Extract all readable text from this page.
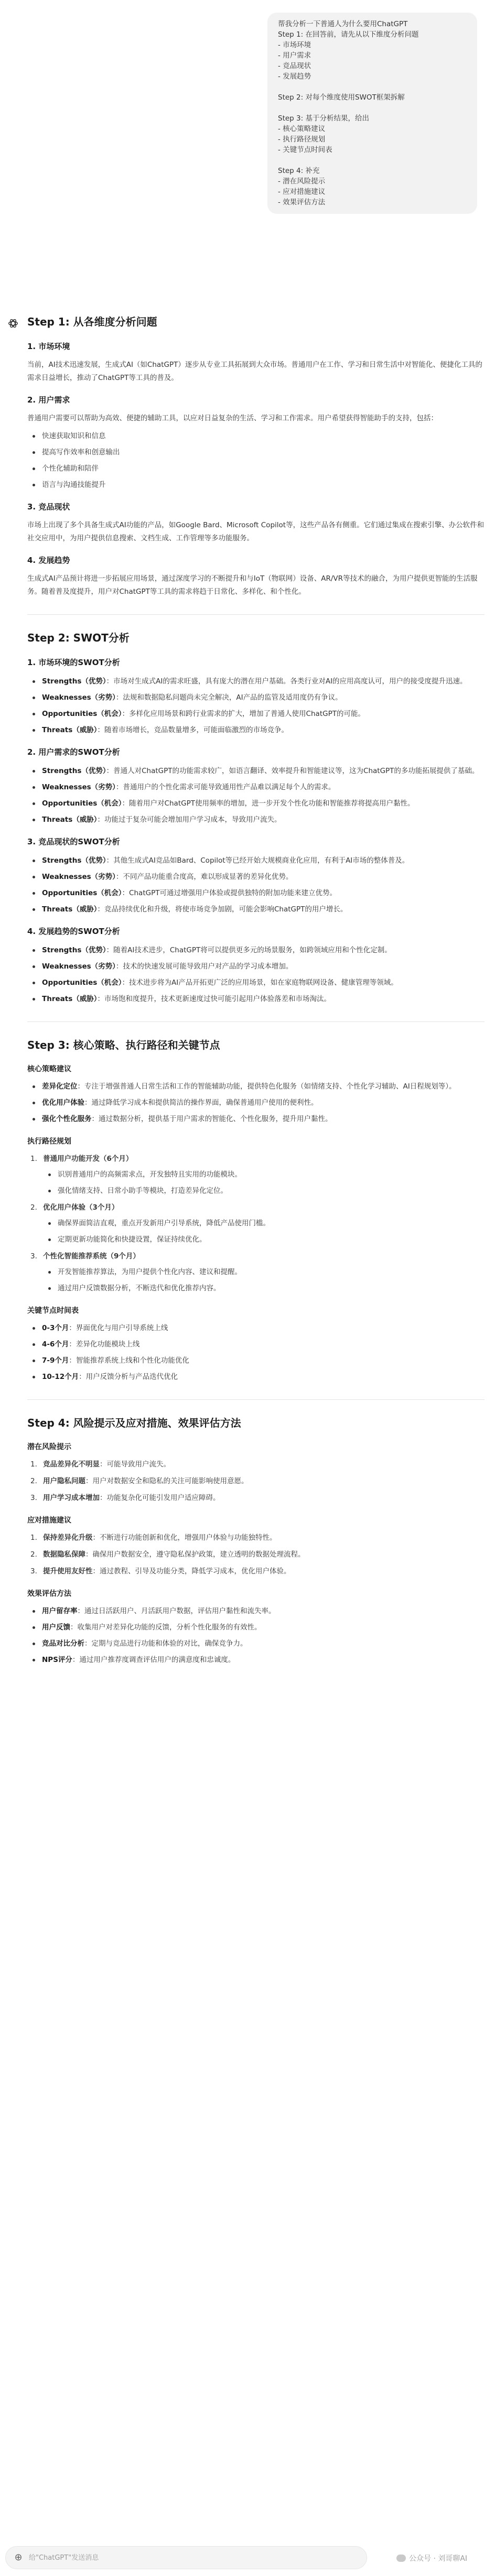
帮我分析一下普通人为什么要用ChatGPT
Step 1: 在回答前，请先从以下维度分析问题
- 市场环境
- 用户需求
- 竞品现状
- 发展趋势
Step 2: 对每个维度使用SWOT框架拆解
Step 3: 基于分析结果，给出
- 核心策略建议
- 执行路径规划
- 关键节点时间表
Step 4: 补充
- 潜在风险提示
- 应对措施建议
- 效果评估方法
Step 1: 从各维度分析问题
1. 市场环境

当前，AI技术迅速发展，生成式AI（如ChatGPT）逐步从专业工具拓展到大众市场。普通用户在工作、学习和日常生活中对智能化、便捷化工具的需求日益增长，推动了ChatGPT等工具的普及。

2. 用户需求

普通用户需要可以帮助为高效、便捷的辅助工具，以应对日益复杂的生活、学习和工作需求。用户希望获得智能助手的支持，包括：

快速获取知识和信息
提高写作效率和创意输出
个性化辅助和陪伴
语言与沟通技能提升
3. 竞品现状

市场上出现了多个具备生成式AI功能的产品，如Google Bard、Microsoft Copilot等，这些产品各有侧重。它们通过集成在搜索引擎、办公软件和社交应用中，为用户提供信息搜索、文档生成、工作管理等多功能服务。

4. 发展趋势

生成式AI产品预计将进一步拓展应用场景，通过深度学习的不断提升和与IoT（物联网）设备、AR/VR等技术的融合，为用户提供更智能的生活服务。随着普及度提升，用户对ChatGPT等工具的需求将趋于日常化、多样化、和个性化。

Step 2: SWOT分析
1. 市场环境的SWOT分析
Strengths（优势）：市场对生成式AI的需求旺盛，具有庞大的潜在用户基础。各类行业对AI的应用高度认可，用户的接受度提升迅速。
Weaknesses（劣势）：法规和数据隐私问题尚未完全解决，AI产品的监管及适用度仍有争议。
Opportunities（机会）：多样化应用场景和跨行业需求的扩大，增加了普通人使用ChatGPT的可能。
Threats（威胁）：随着市场增长，竞品数量增多，可能面临激烈的市场竞争。
2. 用户需求的SWOT分析
Strengths（优势）：普通人对ChatGPT的功能需求较广，如语言翻译、效率提升和智能建议等，这为ChatGPT的多功能拓展提供了基础。
Weaknesses（劣势）：普通用户的个性化需求可能导致通用性产品难以满足每个人的需求。
Opportunities（机会）：随着用户对ChatGPT使用频率的增加，进一步开发个性化功能和智能推荐将提高用户黏性。
Threats（威胁）：功能过于复杂可能会增加用户学习成本，导致用户流失。
3. 竞品现状的SWOT分析
Strengths（优势）：其他生成式AI竞品如Bard、Copilot等已经开始大规模商业化应用，有利于AI市场的整体普及。
Weaknesses（劣势）：不同产品功能重合度高，难以形成显著的差异化优势。
Opportunities（机会）：ChatGPT可通过增强用户体验或提供独特的附加功能来建立优势。
Threats（威胁）：竞品持续优化和升级，将使市场竞争加剧，可能会影响ChatGPT的用户增长。
4. 发展趋势的SWOT分析
Strengths（优势）：随着AI技术进步，ChatGPT将可以提供更多元的场景服务，如跨领域应用和个性化定制。
Weaknesses（劣势）：技术的快速发展可能导致用户对产品的学习成本增加。
Opportunities（机会）：技术进步将为AI产品开拓更广泛的应用场景，如在家庭物联网设备、健康管理等领域。
Threats（威胁）：市场饱和度提升，技术更新速度过快可能引起用户体验落差和市场淘汰。
Step 3: 核心策略、执行路径和关键节点
核心策略建议
差异化定位：专注于增强普通人日常生活和工作的智能辅助功能，提供特色化服务（如情绪支持、个性化学习辅助、AI日程规划等）。
优化用户体验：通过降低学习成本和提供简洁的操作界面，确保普通用户使用的便利性。
强化个性化服务：通过数据分析，提供基于用户需求的智能化、个性化服务，提升用户黏性。
执行路径规划
1. 普通用户功能开发（6个月）
识别普通用户的高频需求点，开发独特且实用的功能模块。
强化情绪支持、日常小助手等模块，打造差异化定位。
2. 优化用户体验（3个月）
确保界面简洁直观，重点开发新用户引导系统，降低产品使用门槛。
定期更新功能简化和快捷设置，保证持续优化。
3. 个性化智能推荐系统（9个月）
开发智能推荐算法，为用户提供个性化内容、建议和提醒。
通过用户反馈数据分析，不断迭代和优化推荐内容。
关键节点时间表
0-3个月：界面优化与用户引导系统上线
4-6个月：差异化功能模块上线
7-9个月：智能推荐系统上线和个性化功能优化
10-12个月：用户反馈分析与产品迭代优化
Step 4: 风险提示及应对措施、效果评估方法
潜在风险提示
1. 竞品差异化不明显：可能导致用户流失。
2. 用户隐私问题：用户对数据安全和隐私的关注可能影响使用意愿。
3. 用户学习成本增加：功能复杂化可能引发用户适应障碍。
应对措施建议
1. 保持差异化升级：不断进行功能创新和优化，增强用户体验与功能独特性。
2. 数据隐私保障：确保用户数据安全，遵守隐私保护政策，建立透明的数据处理流程。
3. 提升使用友好性：通过教程、引导及功能分类，降低学习成本，优化用户体验。
效果评估方法
用户留存率：通过日活跃用户、月活跃用户数据，评估用户黏性和流失率。
用户反馈：收集用户对差异化功能的反馈，分析个性化服务的有效性。
竞品对比分析：定期与竞品进行功能和体验的对比，确保竞争力。
NPS评分：通过用户推荐度调查评估用户的满意度和忠诚度。
⊕ 给"ChatGPT"发送消息	公众号 · 刘哥聊AI
